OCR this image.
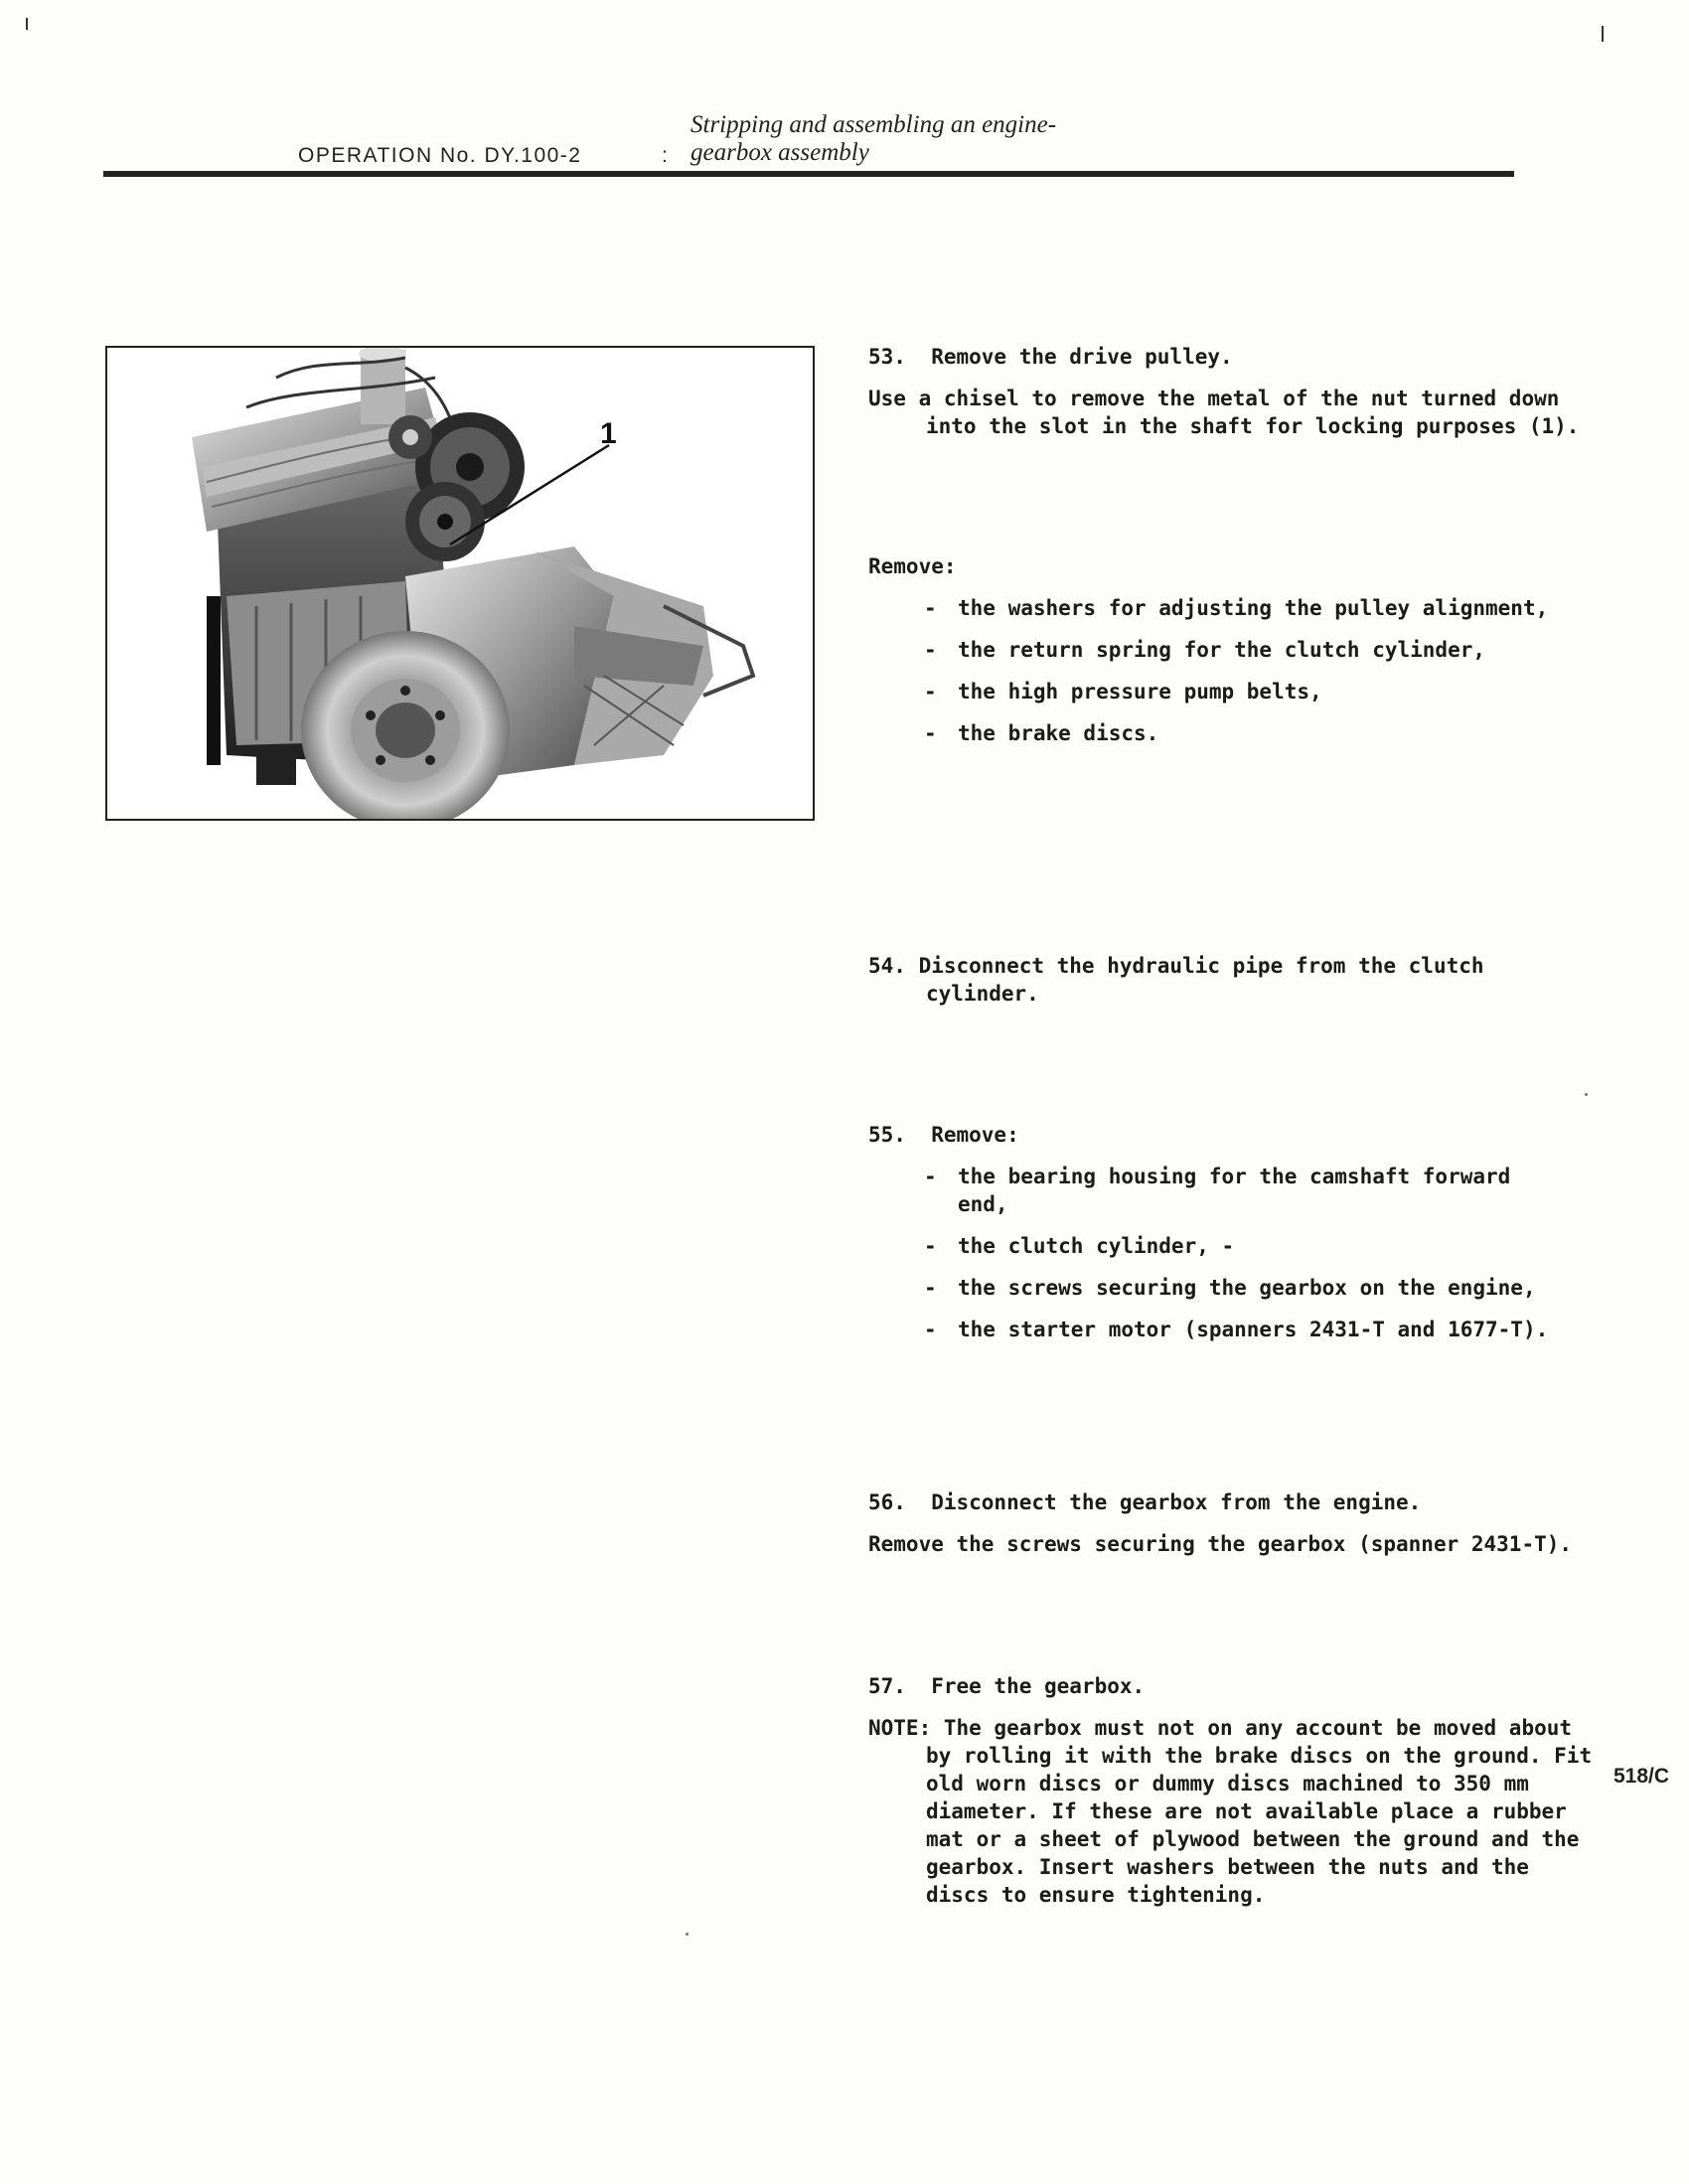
Stripping and assembling an engine-
gearbox assembly
OPERATION No. DY.100-2	:
1

53.  Remove the drive pulley.

Use a chisel to remove the metal of the nut turned down into the slot in the shaft for locking purposes (1).

Remove:

- the washers for adjusting the pulley alignment,
- the return spring for the clutch cylinder,
- the high pressure pump belts,
- the brake discs.

54. Disconnect the hydraulic pipe from the clutch cylinder.

55.  Remove:

- the bearing housing for the camshaft forward end,
- the clutch cylinder, -
- the screws securing the gearbox on the engine,
- the starter motor (spanners 2431-T and 1677-T).

56.  Disconnect the gearbox from the engine.

Remove the screws securing the gearbox (spanner 2431-T).

57.  Free the gearbox.

NOTE: The gearbox must not on any account be moved about by rolling it with the brake discs on the ground. Fit old worn discs or dummy discs machined to 350 mm diameter. If these are not available place a rubber mat or a sheet of plywood between the ground and the gearbox. Insert washers between the nuts and the discs to ensure tightening.

518/C
